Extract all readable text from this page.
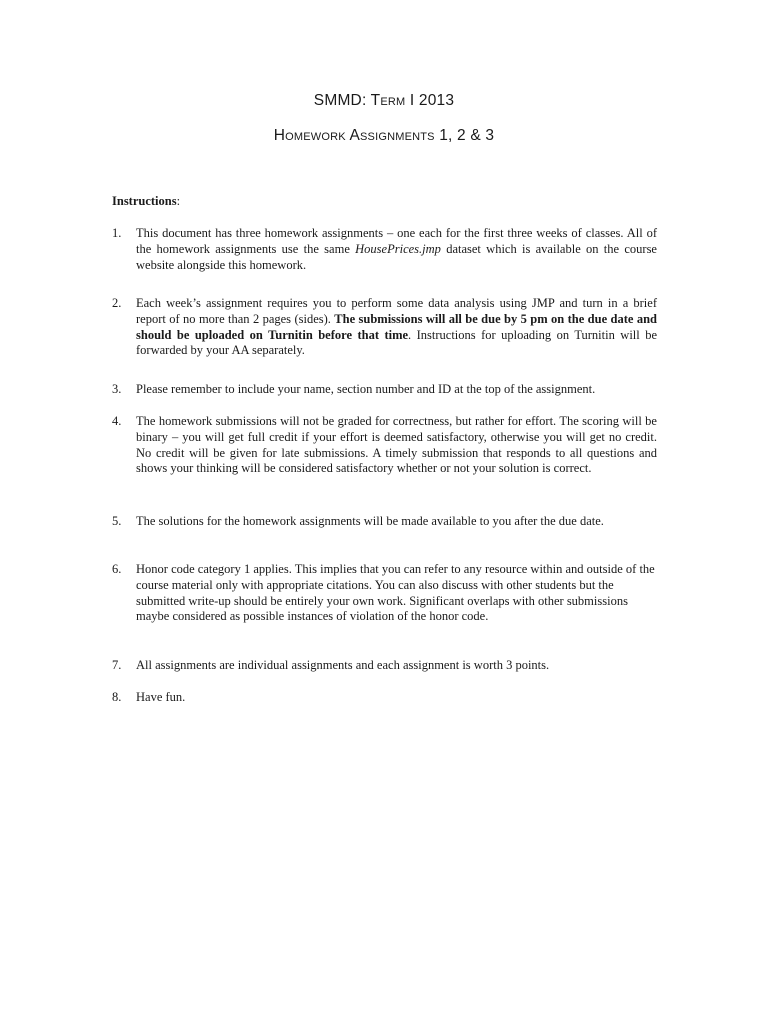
SMMD: Term I 2013
Homework Assignments 1, 2 & 3
Instructions:
1. This document has three homework assignments – one each for the first three weeks of classes. All of the homework assignments use the same HousePrices.jmp dataset which is available on the course website alongside this homework.
2. Each week’s assignment requires you to perform some data analysis using JMP and turn in a brief report of no more than 2 pages (sides). The submissions will all be due by 5 pm on the due date and should be uploaded on Turnitin before that time. Instructions for uploading on Turnitin will be forwarded by your AA separately.
3. Please remember to include your name, section number and ID at the top of the assignment.
4. The homework submissions will not be graded for correctness, but rather for effort. The scoring will be binary – you will get full credit if your effort is deemed satisfactory, otherwise you will get no credit. No credit will be given for late submissions. A timely submission that responds to all questions and shows your thinking will be considered satisfactory whether or not your solution is correct.
5. The solutions for the homework assignments will be made available to you after the due date.
6. Honor code category 1 applies. This implies that you can refer to any resource within and outside of the course material only with appropriate citations. You can also discuss with other students but the submitted write-up should be entirely your own work. Significant overlaps with other submissions maybe considered as possible instances of violation of the honor code.
7. All assignments are individual assignments and each assignment is worth 3 points.
8. Have fun.
